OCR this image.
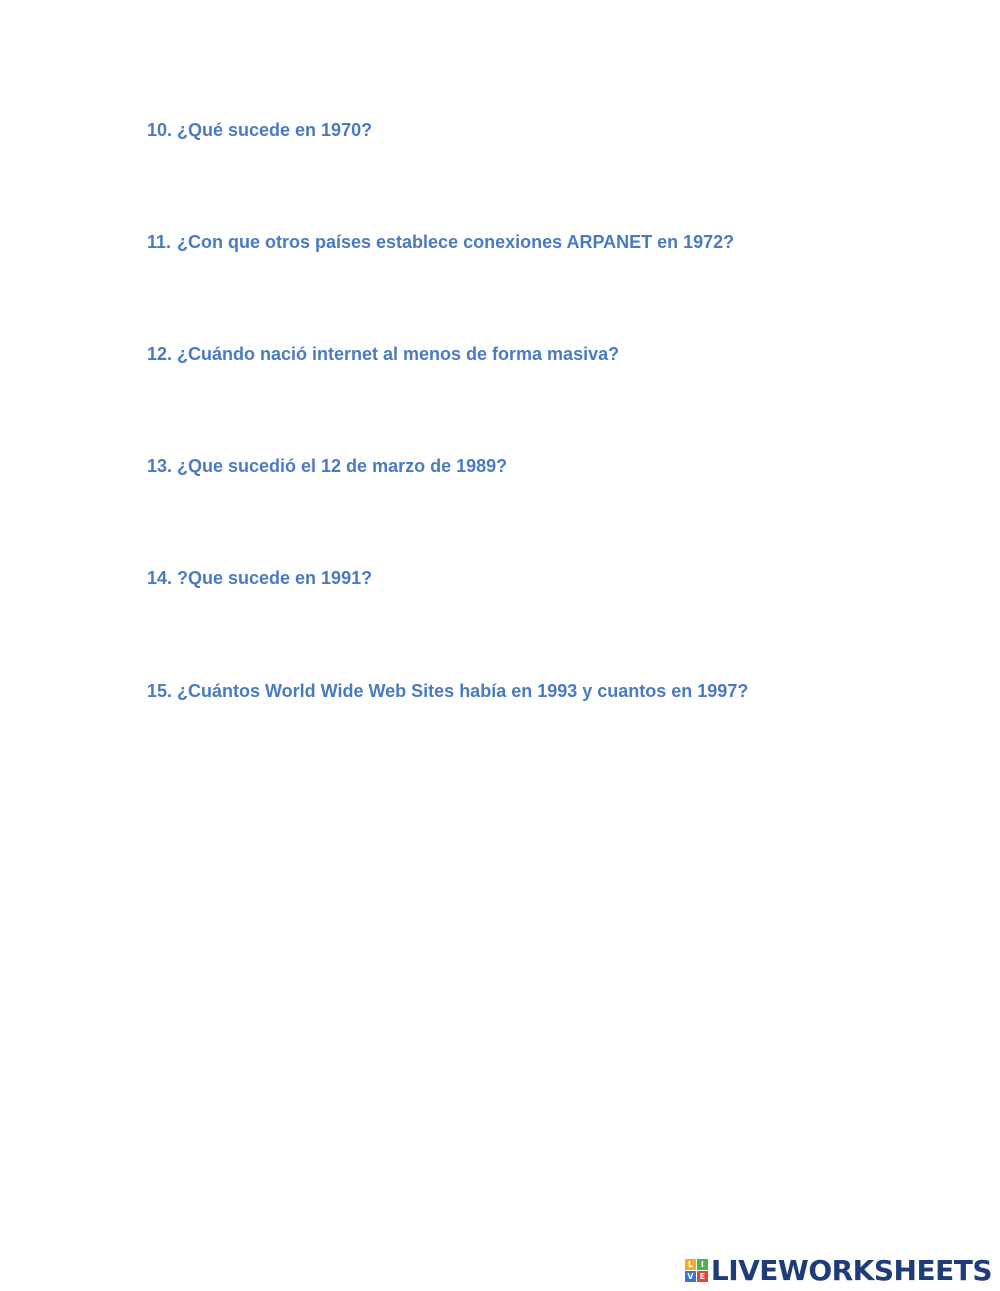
10. ¿Qué sucede en 1970?
11. ¿Con que otros países establece conexiones ARPANET en 1972?
12. ¿Cuándo nació internet al menos de forma masiva?
13. ¿Que sucedió el 12 de marzo de 1989?
14. ?Que sucede en 1991?
15. ¿Cuántos World Wide Web Sites había en 1993 y cuantos en 1997?
L I
V E LIVEWORKSHEETS
